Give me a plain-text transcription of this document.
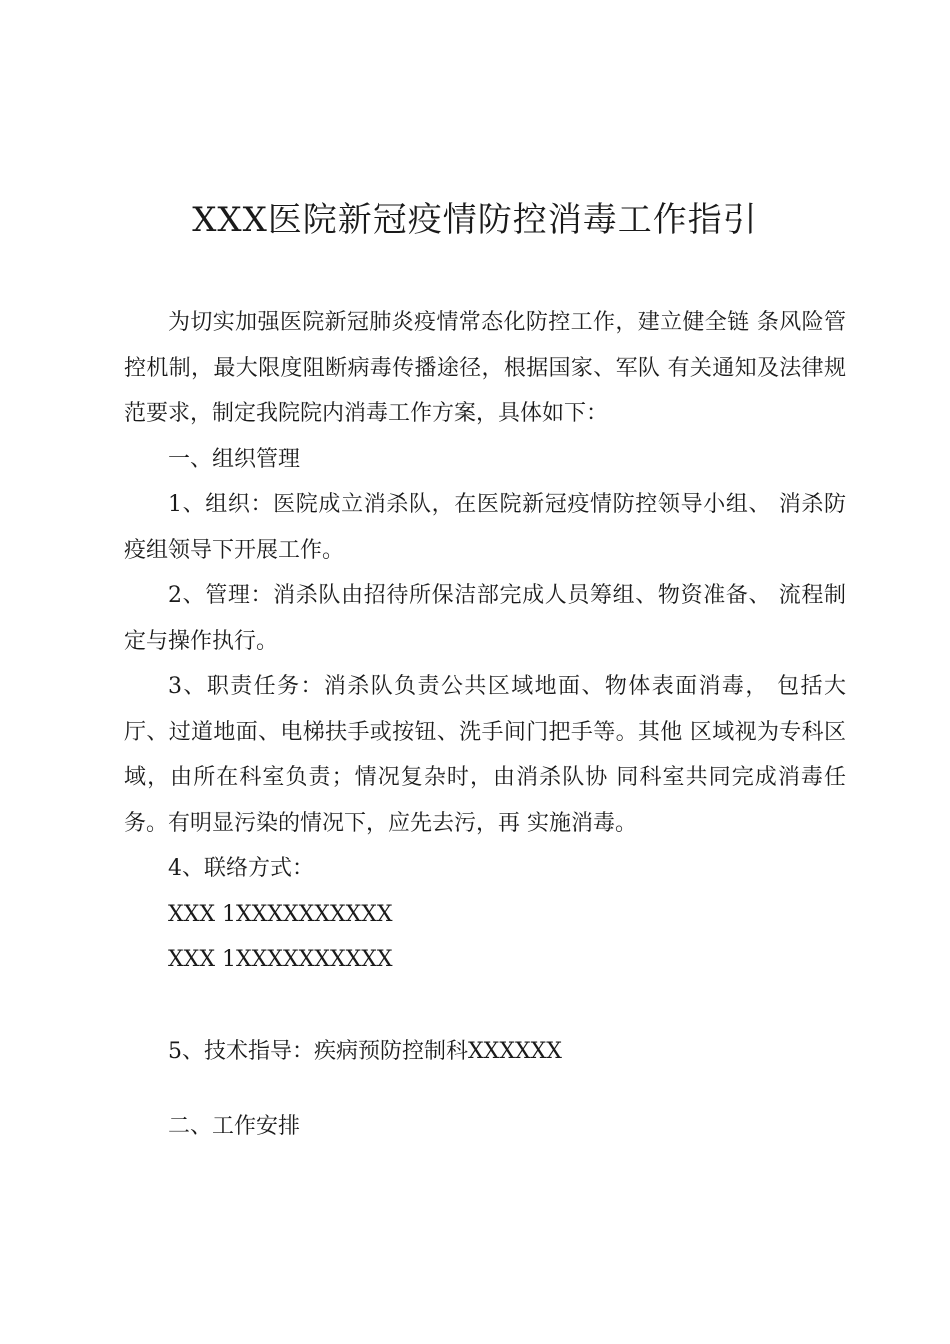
XXX医院新冠疫情防控消毒工作指引

为切实加强医院新冠肺炎疫情常态化防控工作，建立健全链 条风险管控机制，最大限度阻断病毒传播途径，根据国家、军队 有关通知及法律规范要求，制定我院院内消毒工作方案，具体如下：

一、组织管理

1、组织：医院成立消杀队，在医院新冠疫情防控领导小组、 消杀防疫组领导下开展工作。

2、管理：消杀队由招待所保洁部完成人员筹组、物资准备、 流程制定与操作执行。

3、职责任务：消杀队负责公共区域地面、物体表面消毒， 包括大厅、过道地面、电梯扶手或按钮、洗手间门把手等。其他 区域视为专科区域，由所在科室负责；情况复杂时，由消杀队协 同科室共同完成消毒任务。有明显污染的情况下，应先去污，再 实施消毒。

4、联络方式：

XXX 1XXXXXXXXXX

XXX 1XXXXXXXXXX

5、技术指导：疾病预防控制科XXXXXX

二、工作安排
